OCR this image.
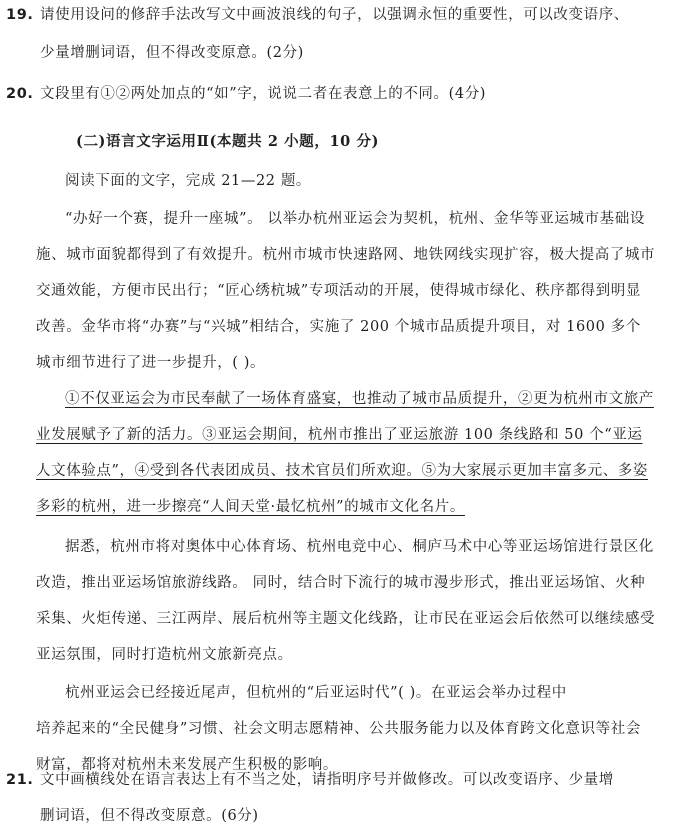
19. 请使用设问的修辞手法改写文中画波浪线的句子，以强调永恒的重要性，可以改变语序、
少量增删词语，但不得改变原意。(2分)
20. 文段里有①②两处加点的“如”字，说说二者在表意上的不同。(4分)
(二)语言文字运用Ⅱ(本题共 2 小题，10 分)
阅读下面的文字，完成 21—22 题。
“办好一个赛，提升一座城”。 以举办杭州亚运会为契机，杭州、金华等亚运城市基础设
施、城市面貌都得到了有效提升。杭州市城市快速路网、地铁网线实现扩容，极大提高了城市
交通效能，方便市民出行；“匠心绣杭城”专项活动的开展，使得城市绿化、秩序都得到明显
改善。金华市将“办赛”与“兴城”相结合，实施了 200 个城市品质提升项目，对 1600 多个
城市细节进行了进一步提升，( )。
①不仅亚运会为市民奉献了一场体育盛宴，也推动了城市品质提升，②更为杭州市文旅产
业发展赋予了新的活力。③亚运会期间，杭州市推出了亚运旅游 100 条线路和 50 个“亚运
人文体验点”，④受到各代表团成员、技术官员们所欢迎。⑤为大家展示更加丰富多元、多姿
多彩的杭州，进一步擦亮“人间天堂·最忆杭州”的城市文化名片。
据悉，杭州市将对奥体中心体育场、杭州电竞中心、桐庐马术中心等亚运场馆进行景区化
改造，推出亚运场馆旅游线路。 同时，结合时下流行的城市漫步形式，推出亚运场馆、火种
采集、火炬传递、三江两岸、展后杭州等主题文化线路，让市民在亚运会后依然可以继续感受
亚运氛围，同时打造杭州文旅新亮点。
杭州亚运会已经接近尾声，但杭州的“后亚运时代”( )。在亚运会举办过程中
培养起来的“全民健身”习惯、社会文明志愿精神、公共服务能力以及体育跨文化意识等社会
财富，都将对杭州未来发展产生积极的影响。
21. 文中画横线处在语言表达上有不当之处，请指明序号并做修改。可以改变语序、少量增
删词语，但不得改变原意。(6分)
